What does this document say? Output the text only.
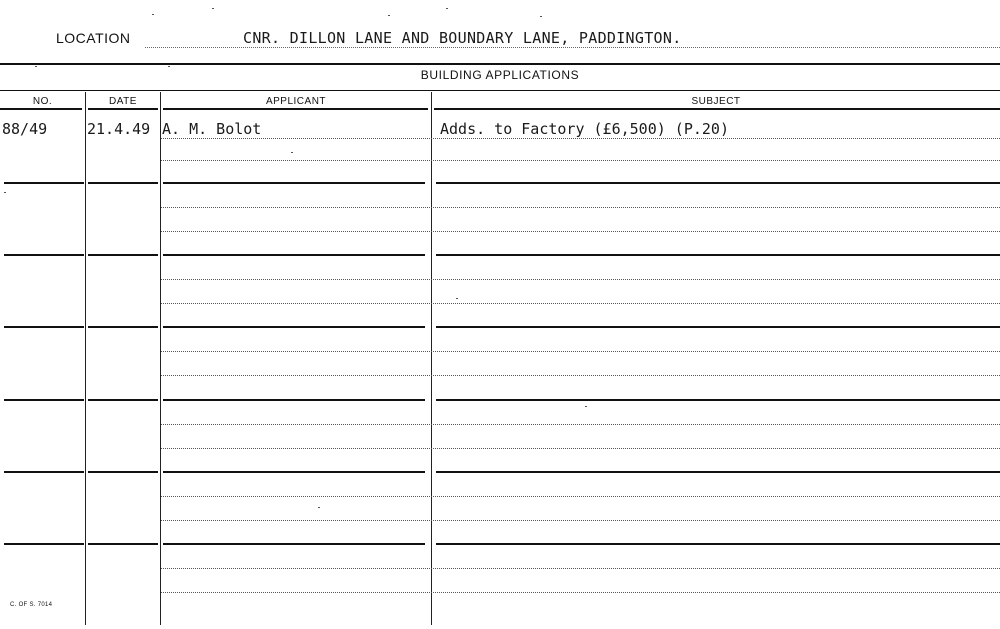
LOCATION	CNR. DILLON LANE AND BOUNDARY LANE, PADDINGTON.
BUILDING APPLICATIONS
NO.	DATE	APPLICANT	SUBJECT
88/49	21.4.49 A. M. Bolot	Adds. to Factory (£6,500) (P.20)
C. OF S. 7014
